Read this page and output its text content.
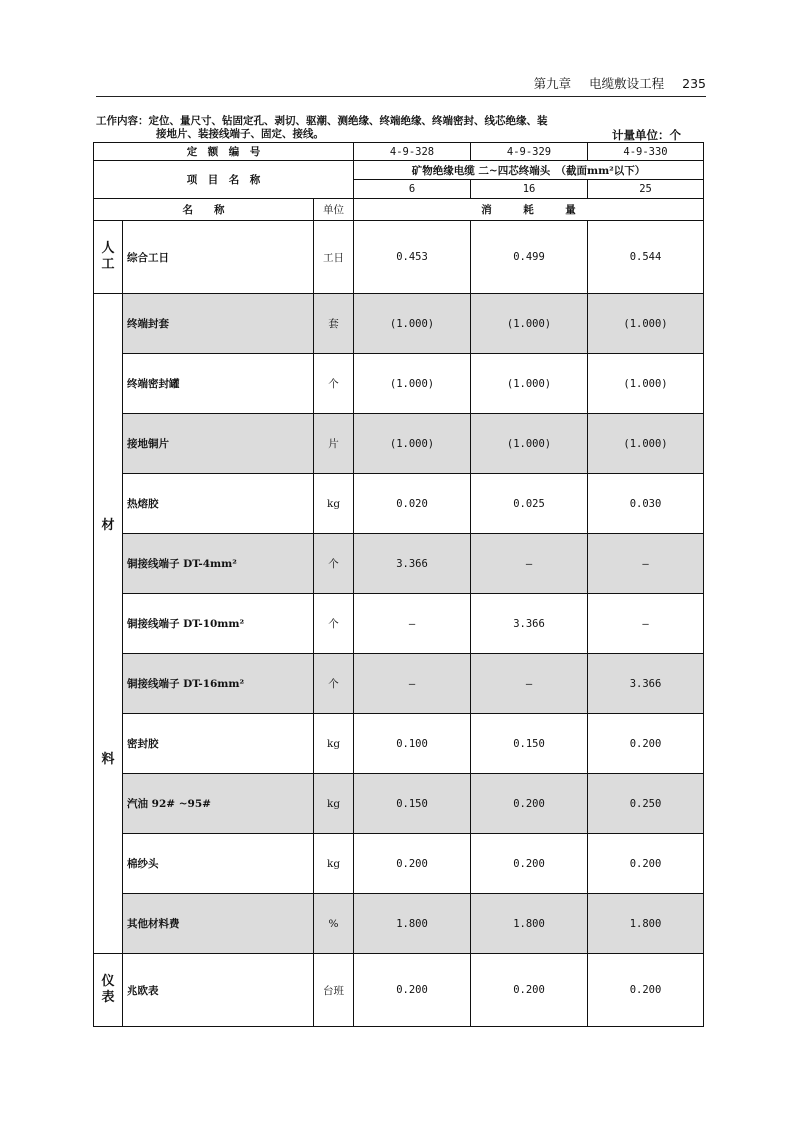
第九章 电缆敷设工程 235
工作内容：定位、量尺寸、钻固定孔、剥切、驱潮、测绝缘、终端绝缘、终端密封、线芯绝缘、装
接地片、装接线端子、固定、接线。	计量单位：个
定　额　编　号			4-9-328	4-9-329	4-9-330
项　目　名　称			矿物绝缘电缆 二~四芯终端头　（截面mm²以下）		
			6	16	25
名　　称		单位	消　　　耗　　　量		
人工	综合工日	工日	0.453	0.499	0.544

材
料	终端封套	套	(1.000)	(1.000)	(1.000)
	终端密封罐	个	(1.000)	(1.000)	(1.000)
	接地铜片	片	(1.000)	(1.000)	(1.000)
	热熔胶	kg	0.020	0.025	0.030
	铜接线端子 DT-4mm²	个	3.366	—	—
	铜接线端子 DT-10mm²	个	—	3.366	—
	铜接线端子 DT-16mm²	个	—	—	3.366
	密封胶	kg	0.100	0.150	0.200
	汽油 92# ~95#	kg	0.150	0.200	0.250
	棉纱头	kg	0.200	0.200	0.200
	其他材料费	%	1.800	1.800	1.800
仪表	兆欧表	台班	0.200	0.200	0.200
